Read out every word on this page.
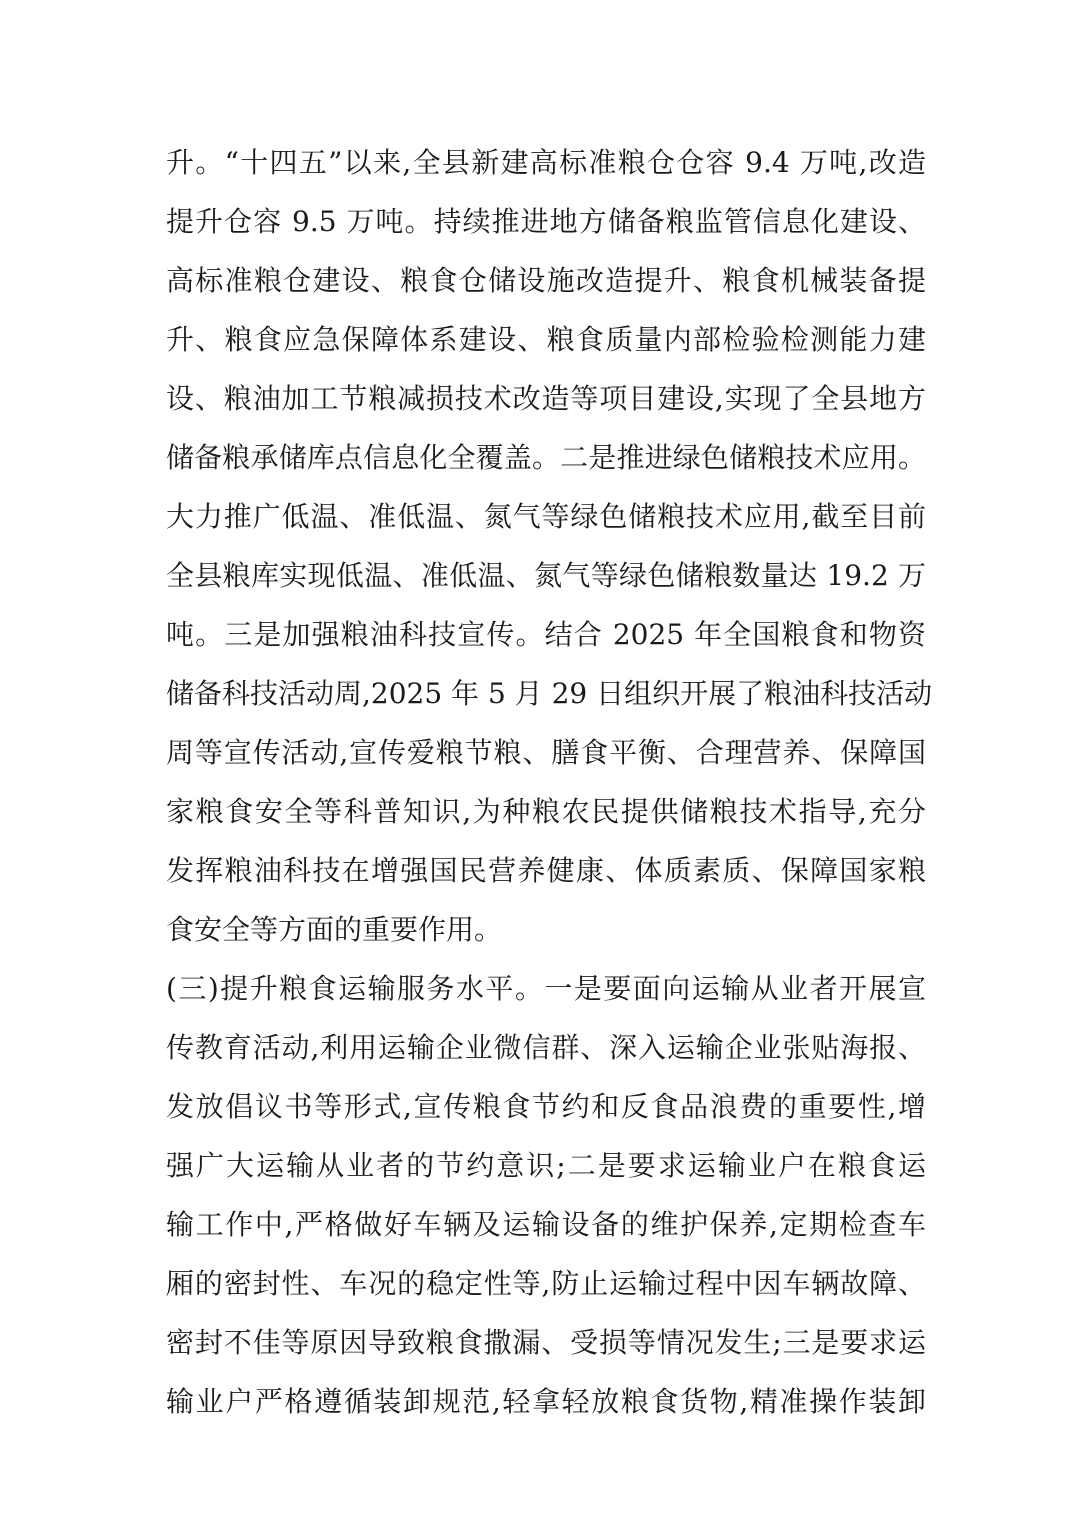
升。“十四五”以来,全县新建高标准粮仓仓容 9.4 万吨,改造
提升仓容 9.5 万吨。持续推进地方储备粮监管信息化建设、
高标准粮仓建设、粮食仓储设施改造提升、粮食机械装备提
升、粮食应急保障体系建设、粮食质量内部检验检测能力建
设、粮油加工节粮减损技术改造等项目建设,实现了全县地方
储备粮承储库点信息化全覆盖。二是推进绿色储粮技术应用。
大力推广低温、准低温、氮气等绿色储粮技术应用,截至目前
全县粮库实现低温、准低温、氮气等绿色储粮数量达 19.2 万
吨。三是加强粮油科技宣传。结合 2025 年全国粮食和物资
储备科技活动周,2025 年 5 月 29 日组织开展了粮油科技活动
周等宣传活动,宣传爱粮节粮、膳食平衡、合理营养、保障国
家粮食安全等科普知识,为种粮农民提供储粮技术指导,充分
发挥粮油科技在增强国民营养健康、体质素质、保障国家粮
食安全等方面的重要作用。
(三)提升粮食运输服务水平。一是要面向运输从业者开展宣
传教育活动,利用运输企业微信群、深入运输企业张贴海报、
发放倡议书等形式,宣传粮食节约和反食品浪费的重要性,增
强广大运输从业者的节约意识;二是要求运输业户在粮食运
输工作中,严格做好车辆及运输设备的维护保养,定期检查车
厢的密封性、车况的稳定性等,防止运输过程中因车辆故障、
密封不佳等原因导致粮食撒漏、受损等情况发生;三是要求运
输业户严格遵循装卸规范,轻拿轻放粮食货物,精准操作装卸
